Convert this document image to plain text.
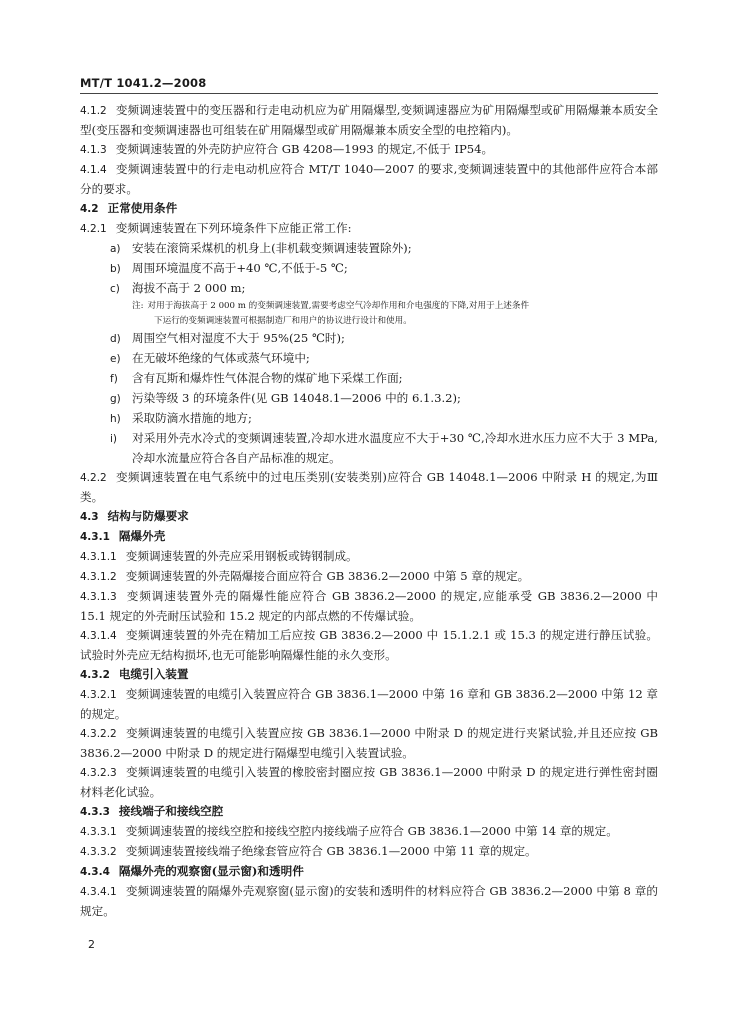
MT/T 1041.2—2008

4.1.2 变频调速装置中的变压器和行走电动机应为矿用隔爆型,变频调速器应为矿用隔爆型或矿用隔爆兼本质安全型(变压器和变频调速器也可组装在矿用隔爆型或矿用隔爆兼本质安全型的电控箱内)。

4.1.3 变频调速装置的外壳防护应符合 GB 4208—1993 的规定,不低于 IP54。

4.1.4 变频调速装置中的行走电动机应符合 MT/T 1040—2007 的要求,变频调速装置中的其他部件应符合本部分的要求。

4.2 正常使用条件

4.2.1 变频调速装置在下列环境条件下应能正常工作:

a) 安装在滚筒采煤机的机身上(非机载变频调速装置除外);

b) 周围环境温度不高于+40 ℃,不低于-5 ℃;

c) 海拔不高于 2 000 m;

注: 对用于海拔高于 2 000 m 的变频调速装置,需要考虑空气冷却作用和介电强度的下降,对用于上述条件

下运行的变频调速装置可根据制造厂和用户的协议进行设计和使用。

d) 周围空气相对湿度不大于 95%(25 ℃时);

e) 在无破坏绝缘的气体或蒸气环境中;

f) 含有瓦斯和爆炸性气体混合物的煤矿地下采煤工作面;

g) 污染等级 3 的环境条件(见 GB 14048.1—2006 中的 6.1.3.2);

h) 采取防滴水措施的地方;

i) 对采用外壳水冷式的变频调速装置,冷却水进水温度应不大于+30 ℃,冷却水进水压力应不大于 3 MPa,冷却水流量应符合各自产品标准的规定。

4.2.2 变频调速装置在电气系统中的过电压类别(安装类别)应符合 GB 14048.1—2006 中附录 H 的规定,为Ⅲ类。

4.3 结构与防爆要求

4.3.1 隔爆外壳

4.3.1.1 变频调速装置的外壳应采用钢板或铸钢制成。

4.3.1.2 变频调速装置的外壳隔爆接合面应符合 GB 3836.2—2000 中第 5 章的规定。

4.3.1.3 变频调速装置外壳的隔爆性能应符合 GB 3836.2—2000 的规定,应能承受 GB 3836.2—2000 中 15.1 规定的外壳耐压试验和 15.2 规定的内部点燃的不传爆试验。

4.3.1.4 变频调速装置的外壳在精加工后应按 GB 3836.2—2000 中 15.1.2.1 或 15.3 的规定进行静压试验。试验时外壳应无结构损坏,也无可能影响隔爆性能的永久变形。

4.3.2 电缆引入装置

4.3.2.1 变频调速装置的电缆引入装置应符合 GB 3836.1—2000 中第 16 章和 GB 3836.2—2000 中第 12 章的规定。

4.3.2.2 变频调速装置的电缆引入装置应按 GB 3836.1—2000 中附录 D 的规定进行夹紧试验,并且还应按 GB 3836.2—2000 中附录 D 的规定进行隔爆型电缆引入装置试验。

4.3.2.3 变频调速装置的电缆引入装置的橡胶密封圈应按 GB 3836.1—2000 中附录 D 的规定进行弹性密封圈材料老化试验。

4.3.3 接线端子和接线空腔

4.3.3.1 变频调速装置的接线空腔和接线空腔内接线端子应符合 GB 3836.1—2000 中第 14 章的规定。

4.3.3.2 变频调速装置接线端子绝缘套管应符合 GB 3836.1—2000 中第 11 章的规定。

4.3.4 隔爆外壳的观察窗(显示窗)和透明件

4.3.4.1 变频调速装置的隔爆外壳观察窗(显示窗)的安装和透明件的材料应符合 GB 3836.2—2000 中第 8 章的规定。

2
